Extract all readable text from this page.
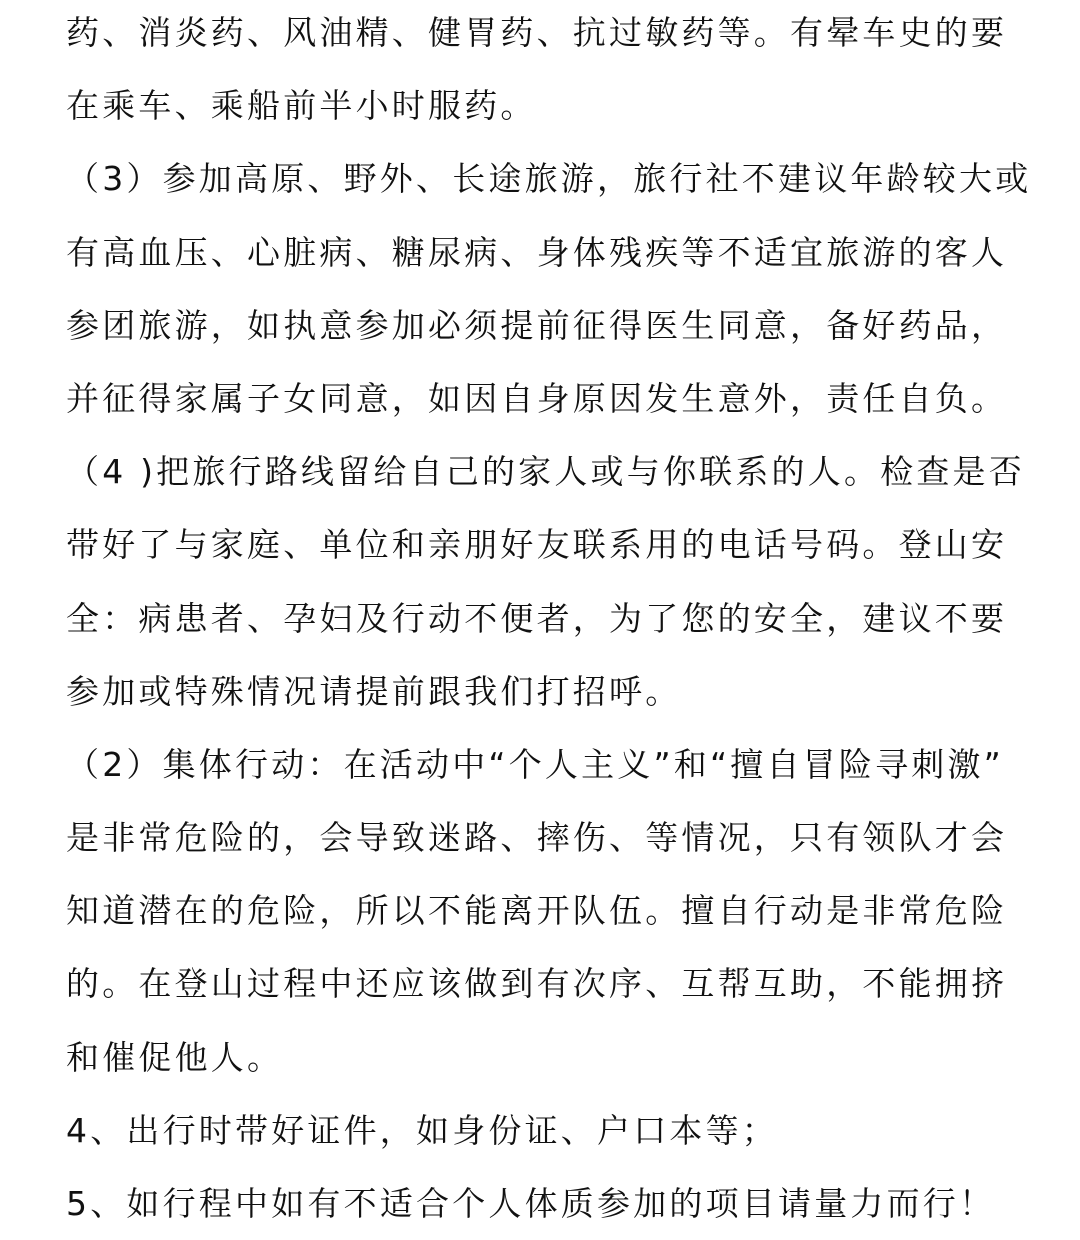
药、消炎药、风油精、健胃药、抗过敏药等。有晕车史的要
在乘车、乘船前半小时服药。
（3）参加高原、野外、长途旅游，旅行社不建议年龄较大或
有高血压、心脏病、糖尿病、身体残疾等不适宜旅游的客人
参团旅游，如执意参加必须提前征得医生同意，备好药品，
并征得家属子女同意，如因自身原因发生意外，责任自负。
（4 )把旅行路线留给自己的家人或与你联系的人。检查是否
带好了与家庭、单位和亲朋好友联系用的电话号码。登山安
全：病患者、孕妇及行动不便者，为了您的安全，建议不要
参加或特殊情况请提前跟我们打招呼。
（2）集体行动：在活动中“个人主义”和“擅自冒险寻刺激”
是非常危险的，会导致迷路、摔伤、等情况，只有领队才会
知道潜在的危险，所以不能离开队伍。擅自行动是非常危险
的。在登山过程中还应该做到有次序、互帮互助，不能拥挤
和催促他人。
4、出行时带好证件，如身份证、户口本等；
5、如行程中如有不适合个人体质参加的项目请量力而行！
